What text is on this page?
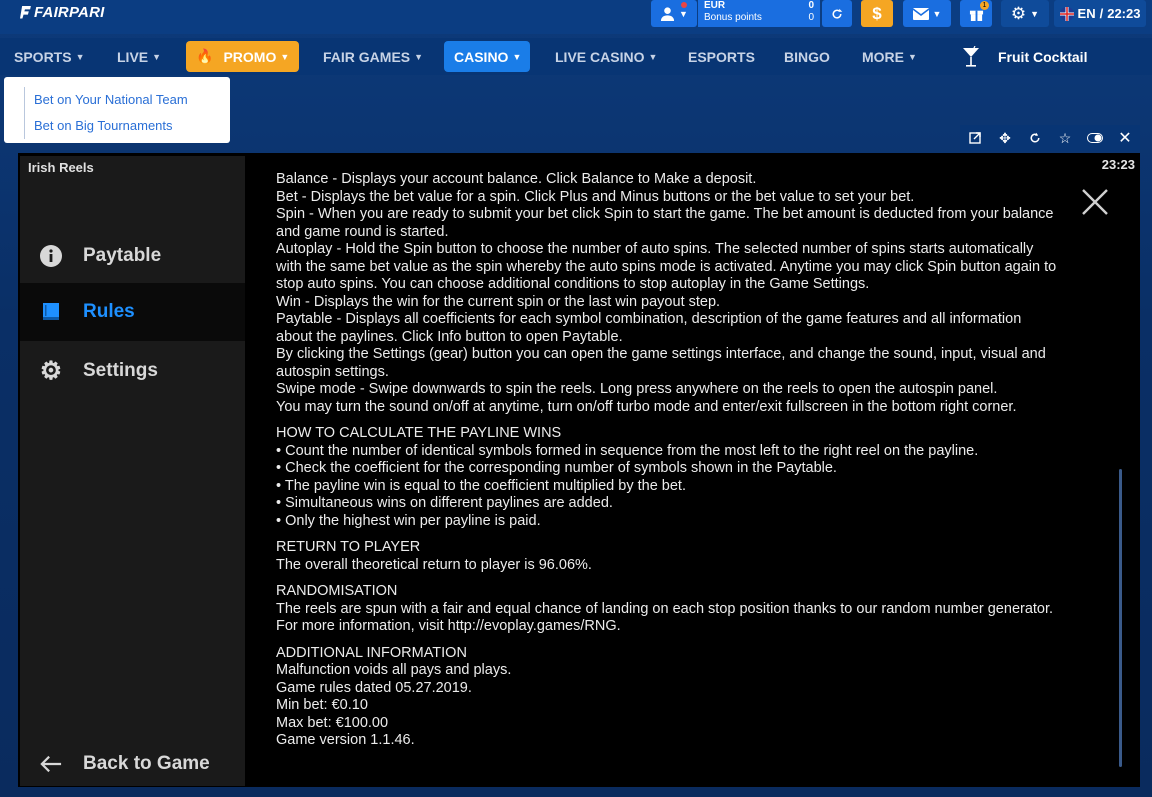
FAIRPARI	▼
EUR	0
Bonus points	0	$	▼
1 ⚙ ▼	EN / 22:23
SPORTS ▼ LIVE ▼ 🔥 PROMO ▼ FAIR GAMES ▼ CASINO ▼ LIVE CASINO ▼ ESPORTS BINGO MORE ▼	Fruit Cocktail
Bet on Your National Team
Bet on Big Tournaments
✥	☆	✕
Irish Reels
Paytable
Rules
⚙ Settings
Back to Game
23:23

Balance - Displays your account balance. Click Balance to Make a deposit.

Bet - Displays the bet value for a spin. Click Plus and Minus buttons or the bet value to set your bet.

Spin - When you are ready to submit your bet click Spin to start the game. The bet amount is deducted from your balance

and game round is started.

Autoplay - Hold the Spin button to choose the number of auto spins. The selected number of spins starts automatically

with the same bet value as the spin whereby the auto spins mode is activated. Anytime you may click Spin button again to

stop auto spins. You can choose additional conditions to stop autoplay in the Game Settings.

Win - Displays the win for the current spin or the last win payout step.

Paytable - Displays all coefficients for each symbol combination, description of the game features and all information

about the paylines. Click Info button to open Paytable.

By clicking the Settings (gear) button you can open the game settings interface, and change the sound, input, visual and

autospin settings.

Swipe mode - Swipe downwards to spin the reels. Long press anywhere on the reels to open the autospin panel.

You may turn the sound on/off at anytime, turn on/off turbo mode and enter/exit fullscreen in the bottom right corner.

HOW TO CALCULATE THE PAYLINE WINS

• Count the number of identical symbols formed in sequence from the most left to the right reel on the payline.

• Check the coefficient for the corresponding number of symbols shown in the Paytable.

• The payline win is equal to the coefficient multiplied by the bet.

• Simultaneous wins on different paylines are added.

• Only the highest win per payline is paid.

RETURN TO PLAYER

The overall theoretical return to player is 96.06%.

RANDOMISATION

The reels are spun with a fair and equal chance of landing on each stop position thanks to our random number generator.

For more information, visit http://evoplay.games/RNG.

ADDITIONAL INFORMATION

Malfunction voids all pays and plays.

Game rules dated 05.27.2019.

Min bet: €0.10

Max bet: €100.00

Game version 1.1.46.
